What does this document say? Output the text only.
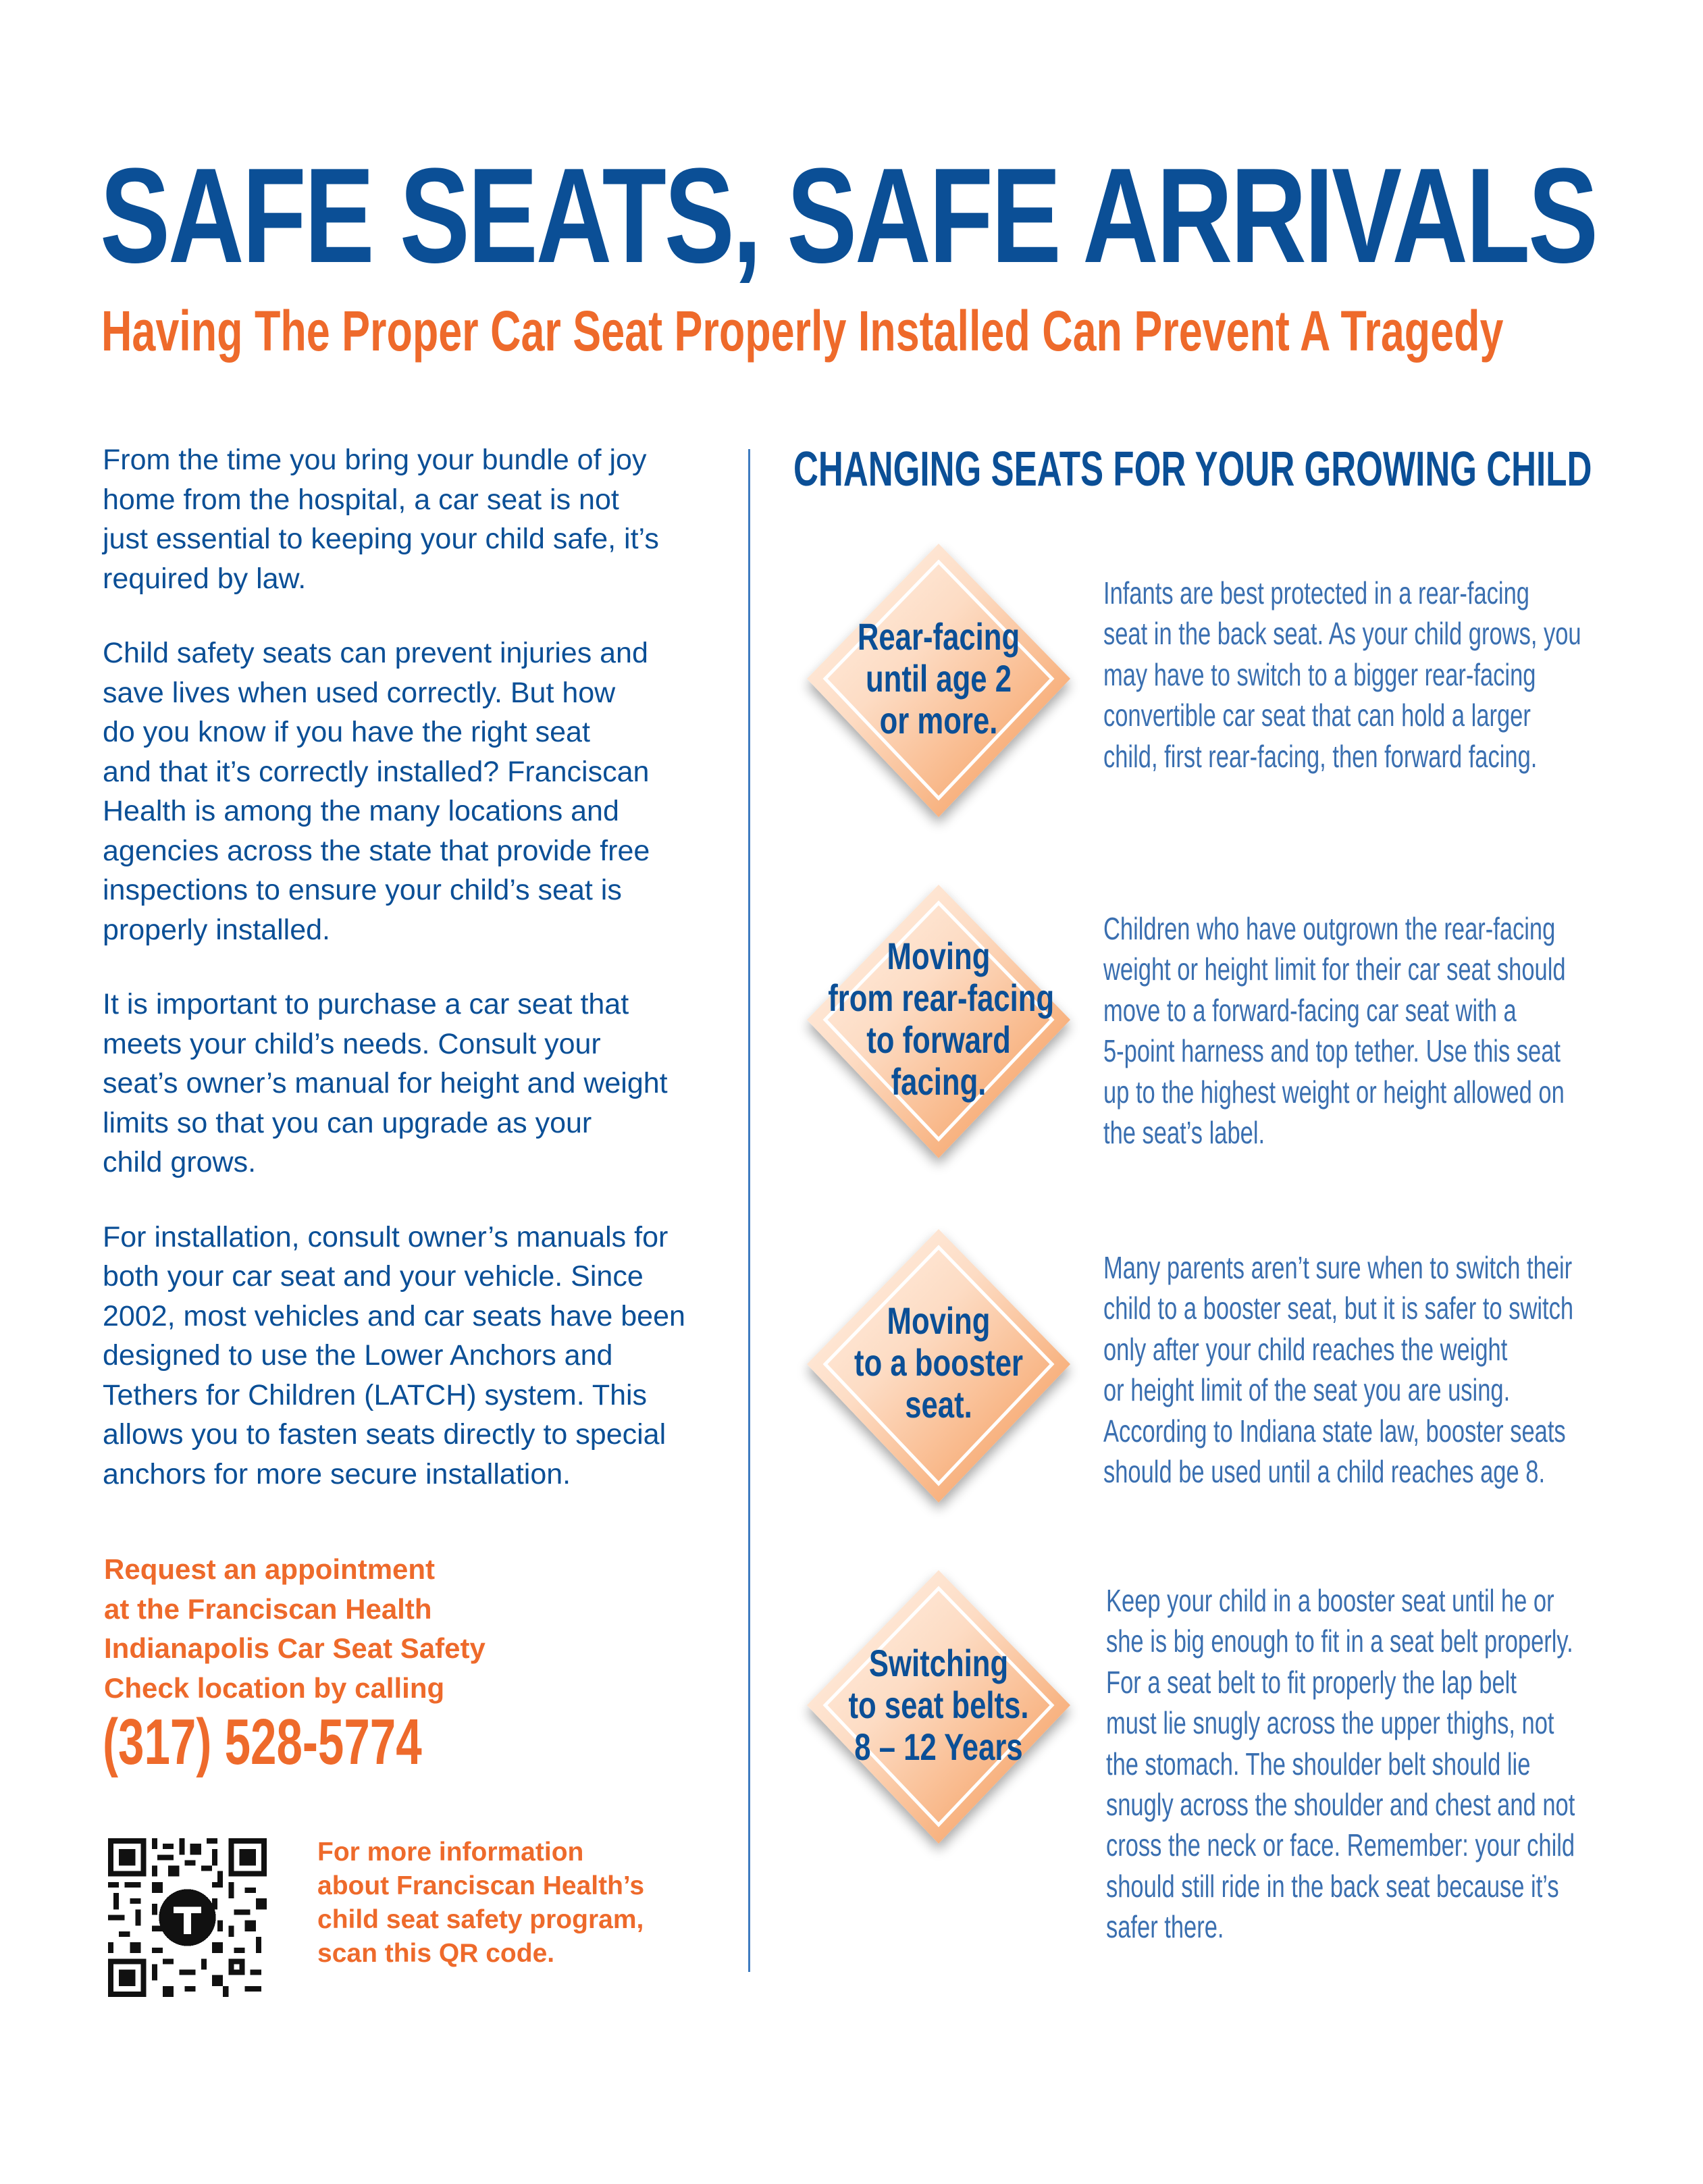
SAFE SEATS, SAFE ARRIVALS
Having The Proper Car Seat Properly Installed Can Prevent A Tragedy

From the time you bring your bundle of joy
home from the hospital, a car seat is not
just essential to keeping your child safe, it’s
required by law.

Child safety seats can prevent injuries and
save lives when used correctly. But how
do you know if you have the right seat
and that it’s correctly installed? Franciscan
Health is among the many locations and
agencies across the state that provide free
inspections to ensure your child’s seat is
properly installed.

It is important to purchase a car seat that
meets your child’s needs. Consult your
seat’s owner’s manual for height and weight
limits so that you can upgrade as your
child grows.

For installation, consult owner’s manuals for
both your car seat and your vehicle. Since
2002, most vehicles and car seats have been
designed to use the Lower Anchors and
Tethers for Children (LATCH) system. This
allows you to fasten seats directly to special
anchors for more secure installation.

Request an appointment
at the Franciscan Health
Indianapolis Car Seat Safety
Check location by calling

(317) 528-5774

For more information
about Franciscan Health’s
child seat safety program,
scan this QR code.

CHANGING SEATS FOR YOUR GROWING CHILD
Rear-facing
until age 2
or more.

Infants are best protected in a rear-facing
seat in the back seat. As your child grows, you
may have to switch to a bigger rear-facing
convertible car seat that can hold a larger
child, first rear-facing, then forward facing.

Moving
from rear-facing
to forward
facing.

Children who have outgrown the rear-facing
weight or height limit for their car seat should
move to a forward-facing car seat with a
5-point harness and top tether. Use this seat
up to the highest weight or height allowed on
the seat’s label.

Moving
to a booster
seat.

Many parents aren’t sure when to switch their
child to a booster seat, but it is safer to switch
only after your child reaches the weight
or height limit of the seat you are using.
According to Indiana state law, booster seats
should be used until a child reaches age 8.

Switching
to seat belts.
8 – 12 Years

Keep your child in a booster seat until he or
she is big enough to fit in a seat belt properly.
For a seat belt to fit properly the lap belt
must lie snugly across the upper thighs, not
the stomach. The shoulder belt should lie
snugly across the shoulder and chest and not
cross the neck or face. Remember: your child
should still ride in the back seat because it’s
safer there.
